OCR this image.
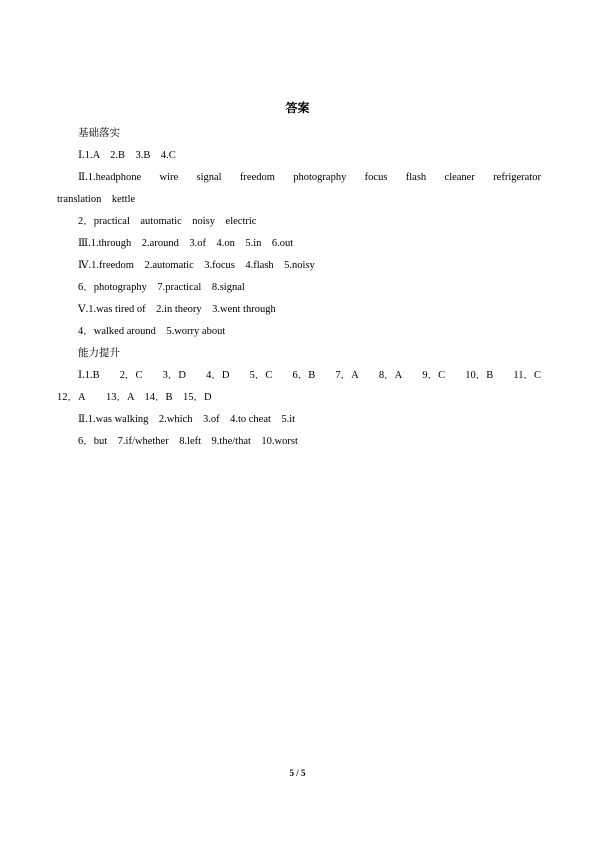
答案
基础落实
Ⅰ.1.A　2.B　3.B　4.C
Ⅱ.1.headphone wire signal freedom photography focus flash cleaner refrigerator
translation　kettle
2．practical　automatic　noisy　electric
Ⅲ.1.through　2.around　3.of　4.on　5.in　6.out
Ⅳ.1.freedom　2.automatic　3.focus　4.flash　5.noisy
6．photography　7.practical　8.signal
Ⅴ.1.was tired of　2.in theory　3.went through
4．walked around　5.worry about
能力提升
Ⅰ.1.B 2．C 3．D 4．D 5．C 6．B 7．A 8．A 9．C 10．B 11．C
12．A　　13．A　14．B　15．D
Ⅱ.1.was walking　2.which　3.of　4.to cheat　5.it
6．but　7.if/whether　8.left　9.the/that　10.worst
5 / 5
